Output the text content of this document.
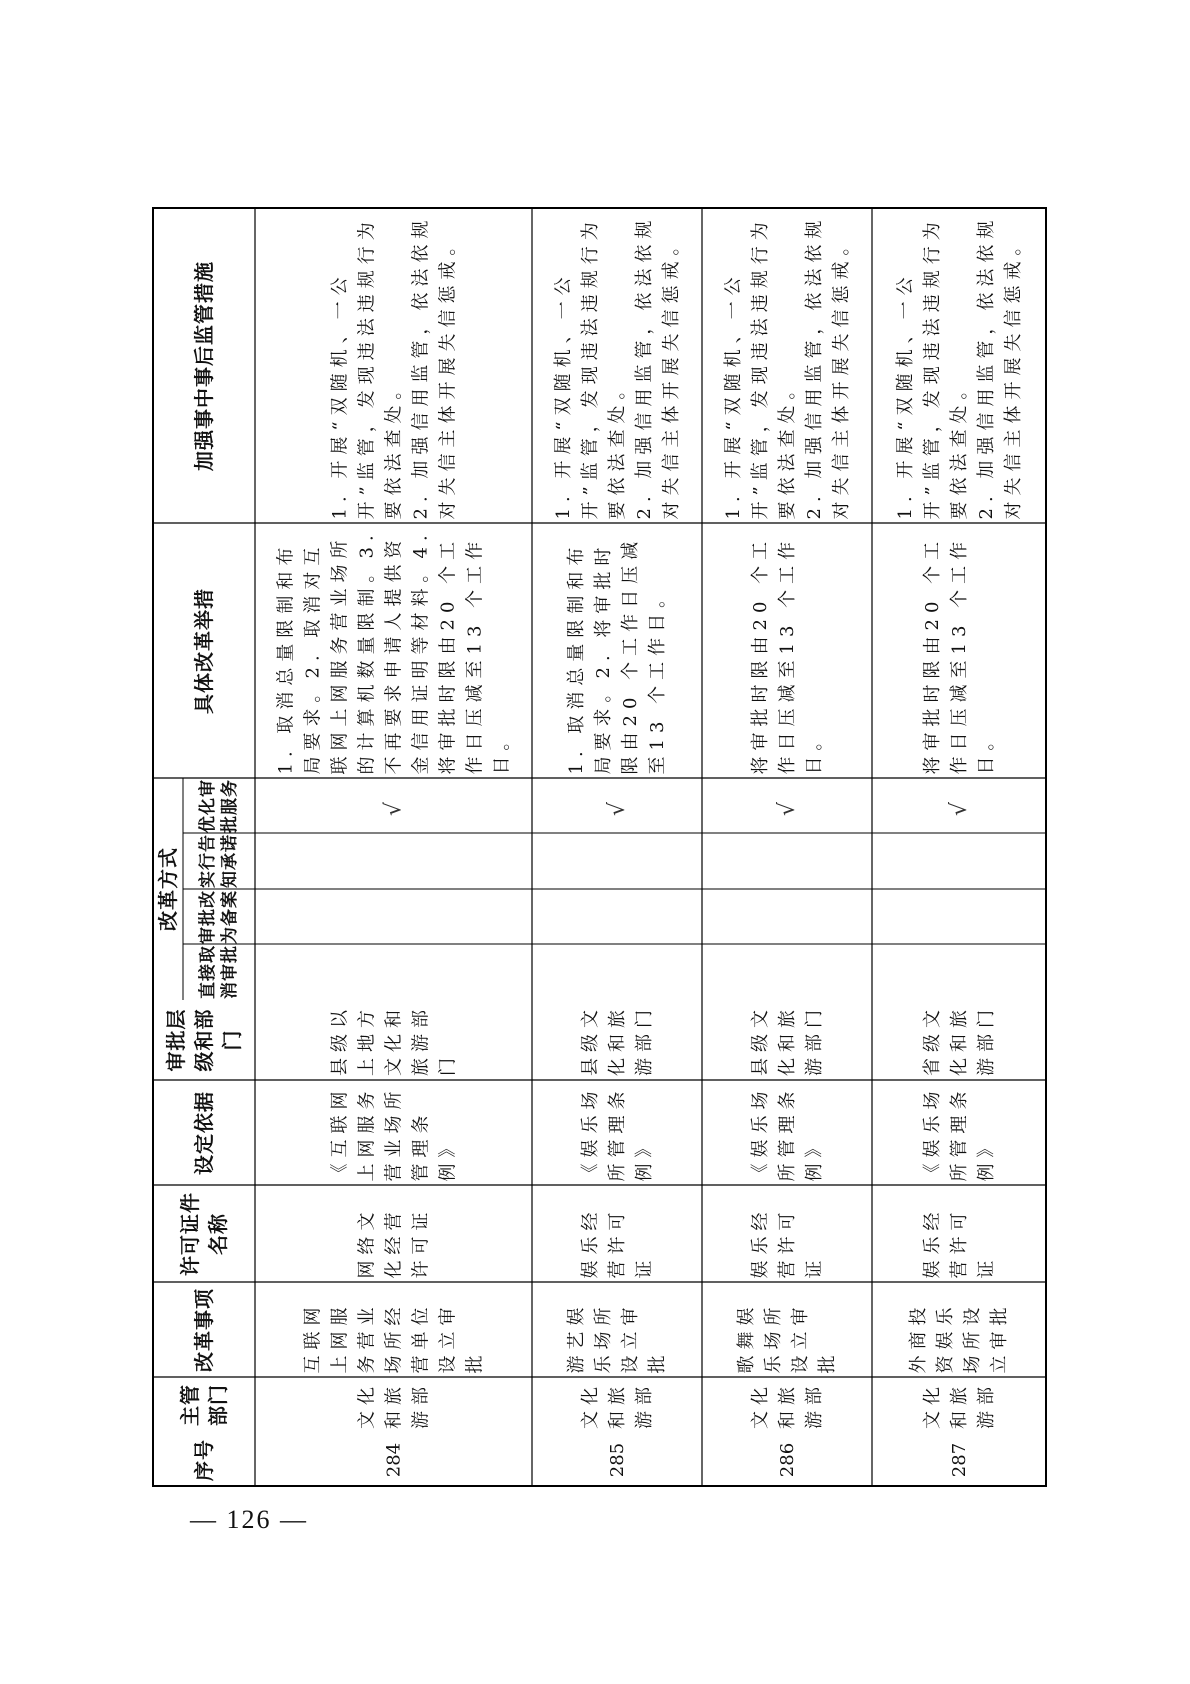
加强事中事后监管措施
具体改革举措
改革方式
优化审批服务
实行告知承诺
审批改为备案
直接取消审批
审批层级和部门
设定依据
许可证件名称
改革事项
主管部门
序号
1. 开展“双随机、一公开”监管，发现违法违规行为要依法查处。
2. 加强信用监管，依法依规对失信主体开展失信惩戒。
1. 取消总量限制和布局要求。2. 取消对互联网上网服务营业场所的计算机数量限制。3. 不再要求申请人提供资金信用证明等材料。4. 将审批时限由20 个工作日压减至13 个工作日。
√
县级以上地方文化和旅游部门
《互联网上网服务营业场所管理条例》
网络文化经营许可证
互联网上网服务营业场所经营单位设立审批
文化和旅游部
284
1. 开展“双随机、一公开”监管，发现违法违规行为要依法查处。
2. 加强信用监管，依法依规对失信主体开展失信惩戒。
1. 取消总量限制和布局要求。2. 将审批时限由20 个工作日压减至13 个工作日。
√
县级文化和旅游部门
《娱乐场所管理条例》
娱乐经营许可证
游艺娱乐场所设立审批
文化和旅游部
285
1. 开展“双随机、一公开”监管，发现违法违规行为要依法查处。
2. 加强信用监管，依法依规对失信主体开展失信惩戒。
将审批时限由20 个工作日压减至13 个工作日。
√
县级文化和旅游部门
《娱乐场所管理条例》
娱乐经营许可证
歌舞娱乐场所设立审批
文化和旅游部
286
1. 开展“双随机、一公开”监管，发现违法违规行为要依法查处。
2. 加强信用监管，依法依规对失信主体开展失信惩戒。
将审批时限由20 个工作日压减至13 个工作日。
√
省级文化和旅游部门
《娱乐场所管理条例》
娱乐经营许可证
外商投资娱乐场所设立审批
文化和旅游部
287
— 126 —
